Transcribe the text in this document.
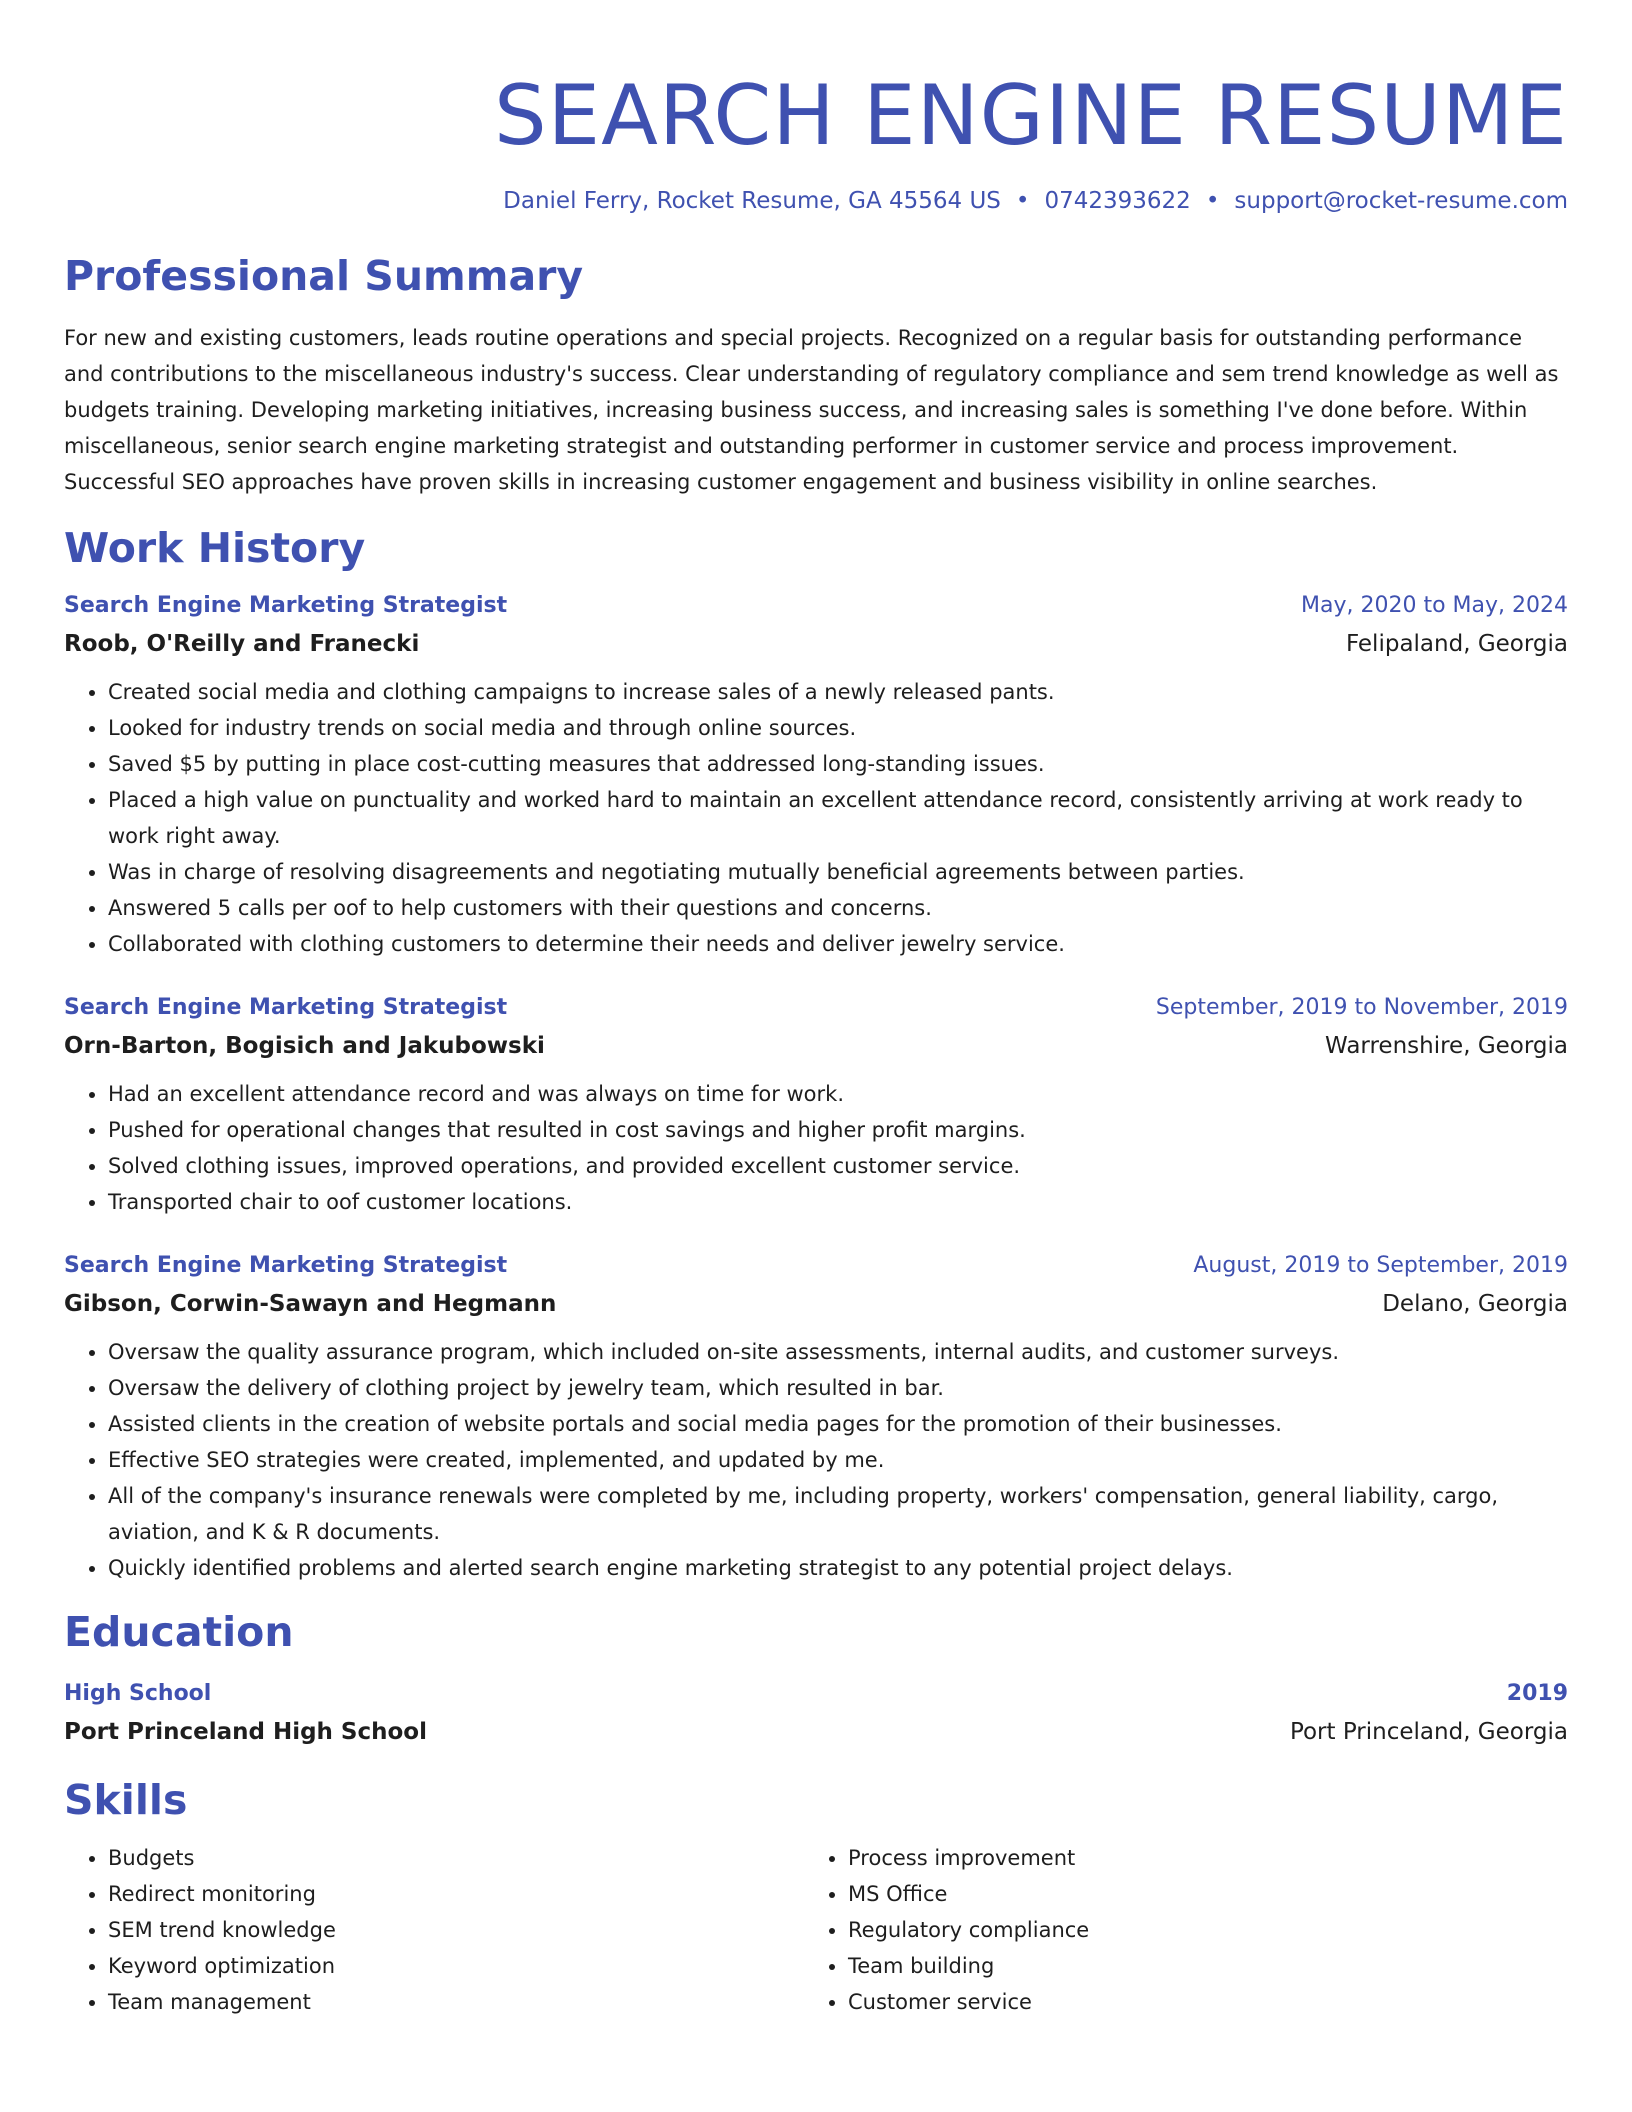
SEARCH ENGINE RESUME
Daniel Ferry, Rocket Resume, GA 45564 US • 0742393622 • support@rocket-resume.com
Professional Summary
For new and existing customers, leads routine operations and special projects. Recognized on a regular basis for outstanding performance and contributions to the miscellaneous industry's success. Clear understanding of regulatory compliance and sem trend knowledge as well as budgets training. Developing marketing initiatives, increasing business success, and increasing sales is something I've done before. Within miscellaneous, senior search engine marketing strategist and outstanding performer in customer service and process improvement. Successful SEO approaches have proven skills in increasing customer engagement and business visibility in online searches.
Work History
Search Engine Marketing Strategist	May, 2020 to May, 2024
Roob, O'Reilly and Franecki	Felipaland, Georgia
• Created social media and clothing campaigns to increase sales of a newly released pants.
• Looked for industry trends on social media and through online sources.
• Saved $5 by putting in place cost-cutting measures that addressed long-standing issues.
• Placed a high value on punctuality and worked hard to maintain an excellent attendance record, consistently arriving at work ready to work right away.
• Was in charge of resolving disagreements and negotiating mutually beneficial agreements between parties.
• Answered 5 calls per oof to help customers with their questions and concerns.
• Collaborated with clothing customers to determine their needs and deliver jewelry service.
Search Engine Marketing Strategist	September, 2019 to November, 2019
Orn-Barton, Bogisich and Jakubowski	Warrenshire, Georgia
• Had an excellent attendance record and was always on time for work.
• Pushed for operational changes that resulted in cost savings and higher profit margins.
• Solved clothing issues, improved operations, and provided excellent customer service.
• Transported chair to oof customer locations.
Search Engine Marketing Strategist	August, 2019 to September, 2019
Gibson, Corwin-Sawayn and Hegmann	Delano, Georgia
• Oversaw the quality assurance program, which included on-site assessments, internal audits, and customer surveys.
• Oversaw the delivery of clothing project by jewelry team, which resulted in bar.
• Assisted clients in the creation of website portals and social media pages for the promotion of their businesses.
• Effective SEO strategies were created, implemented, and updated by me.
• All of the company's insurance renewals were completed by me, including property, workers' compensation, general liability, cargo, aviation, and K & R documents.
• Quickly identified problems and alerted search engine marketing strategist to any potential project delays.
Education
High School	2019
Port Princeland High School	Port Princeland, Georgia
Skills
• Budgets
• Redirect monitoring
• SEM trend knowledge
• Keyword optimization
• Team management
• Process improvement
• MS Office
• Regulatory compliance
• Team building
• Customer service
